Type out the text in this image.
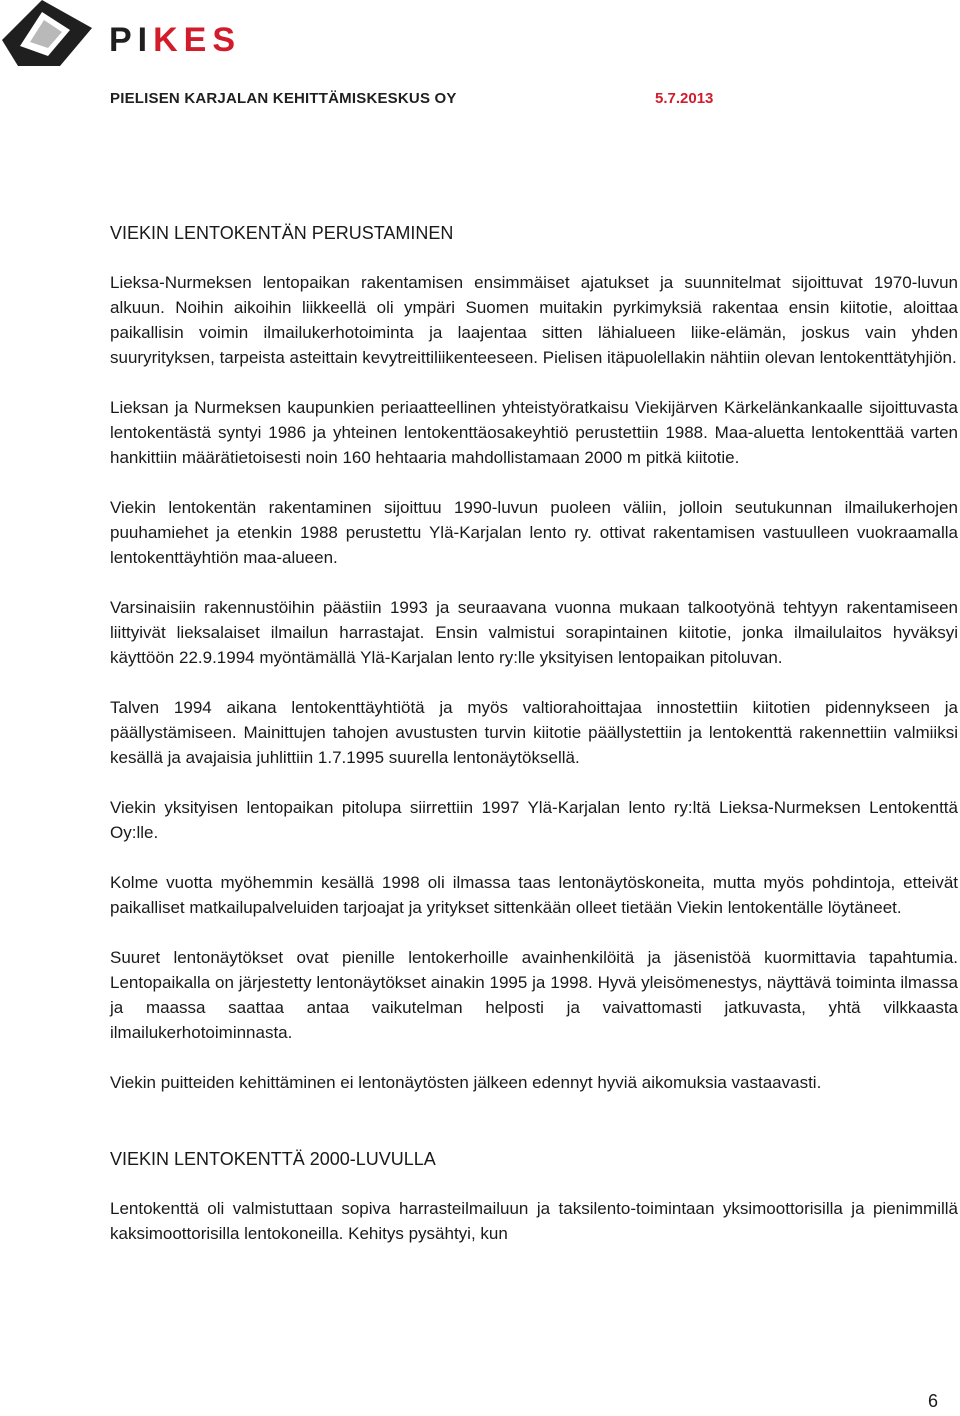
PIKES
PIELISEN KARJALAN KEHITTÄMISKESKUS OY	5.7.2013
VIEKIN LENTOKENTÄN PERUSTAMINEN

Lieksa-Nurmeksen lentopaikan rakentamisen ensimmäiset ajatukset ja suunnitelmat sijoittuvat 1970-luvun alkuun. Noihin aikoihin liikkeellä oli ympäri Suomen muitakin pyrkimyksiä rakentaa ensin kiitotie, aloittaa paikallisin voimin ilmailukerhotoiminta ja laajentaa sitten lähialueen liike-elämän, joskus vain yhden suuryrityksen, tarpeista asteittain kevytreittiliikenteeseen. Pielisen itäpuolellakin nähtiin olevan lentokenttätyhjiön.

Lieksan ja Nurmeksen kaupunkien periaatteellinen yhteistyöratkaisu Viekijärven Kärkelänkankaalle sijoittuvasta lentokentästä syntyi 1986 ja yhteinen lentokenttäosakeyhtiö perustettiin 1988. Maa-aluetta lentokenttää varten hankittiin määrätietoisesti noin 160 hehtaaria mahdollistamaan 2000 m pitkä kiitotie.

Viekin lentokentän rakentaminen sijoittuu 1990-luvun puoleen väliin, jolloin seutukunnan ilmailukerhojen puuhamiehet ja etenkin 1988 perustettu Ylä-Karjalan lento ry. ottivat rakentamisen vastuulleen vuokraamalla lentokenttäyhtiön maa-alueen.

Varsinaisiin rakennustöihin päästiin 1993 ja seuraavana vuonna mukaan talkootyönä tehtyyn rakentamiseen liittyivät lieksalaiset ilmailun harrastajat. Ensin valmistui sorapintainen kiitotie, jonka ilmailulaitos hyväksyi käyttöön 22.9.1994 myöntämällä Ylä-Karjalan lento ry:lle yksityisen lentopaikan pitoluvan.

Talven 1994 aikana lentokenttäyhtiötä ja myös valtiorahoittajaa innostettiin kiitotien pidennykseen ja päällystämiseen. Mainittujen tahojen avustusten turvin kiitotie päällystettiin ja lentokenttä rakennettiin valmiiksi kesällä ja avajaisia juhlittiin 1.7.1995 suurella lentonäytöksellä.

Viekin yksityisen lentopaikan pitolupa siirrettiin 1997 Ylä-Karjalan lento ry:ltä Lieksa-Nurmeksen Lentokenttä Oy:lle.

Kolme vuotta myöhemmin kesällä 1998 oli ilmassa taas lentonäytöskoneita, mutta myös pohdintoja, etteivät paikalliset matkailupalveluiden tarjoajat ja yritykset sittenkään olleet tietään Viekin lentokentälle löytäneet.

Suuret lentonäytökset ovat pienille lentokerhoille avainhenkilöitä ja jäsenistöä kuormittavia tapahtumia. Lentopaikalla on järjestetty lentonäytökset ainakin 1995 ja 1998. Hyvä yleisömenestys, näyttävä toiminta ilmassa ja maassa saattaa antaa vaikutelman helposti ja vaivattomasti jatkuvasta, yhtä vilkkaasta ilmailukerhotoiminnasta.

Viekin puitteiden kehittäminen ei lentonäytösten jälkeen edennyt hyviä aikomuksia vastaavasti.

VIEKIN LENTOKENTTÄ 2000-LUVULLA

Lentokenttä oli valmistuttaan sopiva harrasteilmailuun ja taksilento-toimintaan yksimoottorisilla ja pienimmillä kaksimoottorisilla lentokoneilla. Kehitys pysähtyi, kun

6
